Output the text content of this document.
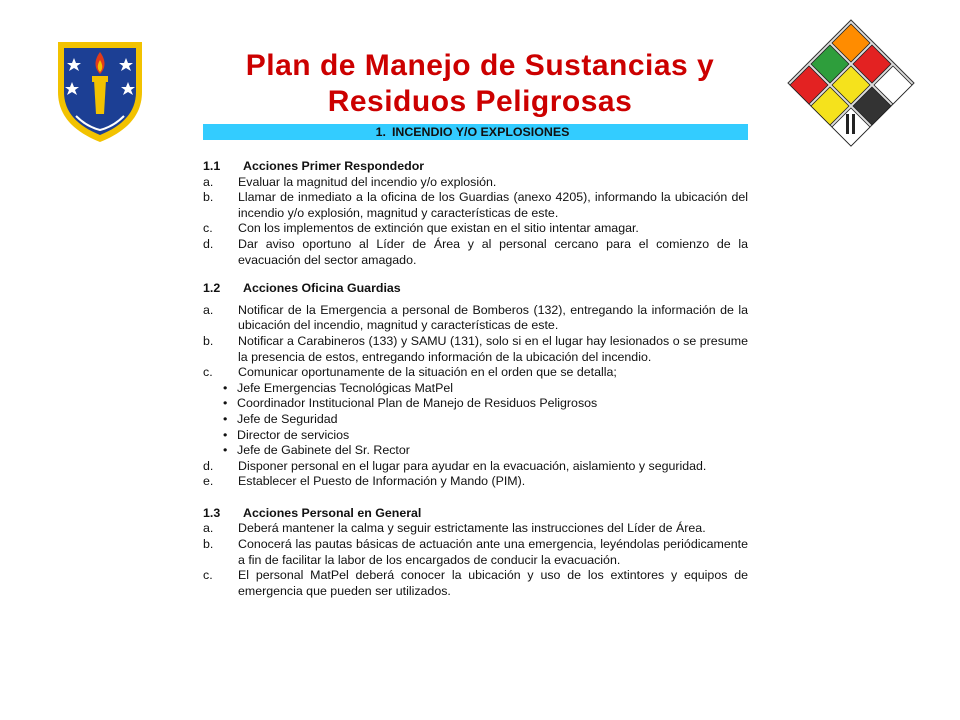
Plan de Manejo de Sustancias y
Residuos Peligrosas
1. INCENDIO Y/O EXPLOSIONES
1.1	Acciones Primer Respondedor
a.	Evaluar la magnitud del incendio y/o explosión.
b.	Llamar de inmediato a la oficina de los Guardias (anexo 4205), informando la ubicación del incendio y/o explosión, magnitud y características de este.
c.	Con los implementos de extinción que existan en el sitio intentar amagar.
d.	Dar aviso oportuno al Líder de Área y al personal cercano para el comienzo de la evacuación del sector amagado.
1.2	Acciones Oficina Guardias
a.	Notificar de la Emergencia a personal de Bomberos (132), entregando la información de la ubicación del incendio, magnitud y características de este.
b.	Notificar a Carabineros (133) y SAMU (131), solo si en el lugar hay lesionados o se presume la presencia de estos, entregando información de la ubicación del incendio.
c.	Comunicar oportunamente de la situación en el orden que se detalla;
• Jefe Emergencias Tecnológicas MatPel
• Coordinador Institucional Plan de Manejo de Residuos Peligrosos
• Jefe de Seguridad
• Director de servicios
• Jefe de Gabinete del Sr. Rector
d.	Disponer personal en el lugar para ayudar en la evacuación, aislamiento y seguridad.
e.	Establecer el Puesto de Información y Mando (PIM).
1.3	Acciones Personal en General
a.	Deberá mantener la calma y seguir estrictamente las instrucciones del Líder de Área.
b.	Conocerá las pautas básicas de actuación ante una emergencia, leyéndolas periódicamente a fin de facilitar la labor de los encargados de conducir la evacuación.
c.	El personal MatPel deberá conocer la ubicación y uso de los extintores y equipos de emergencia que pueden ser utilizados.
